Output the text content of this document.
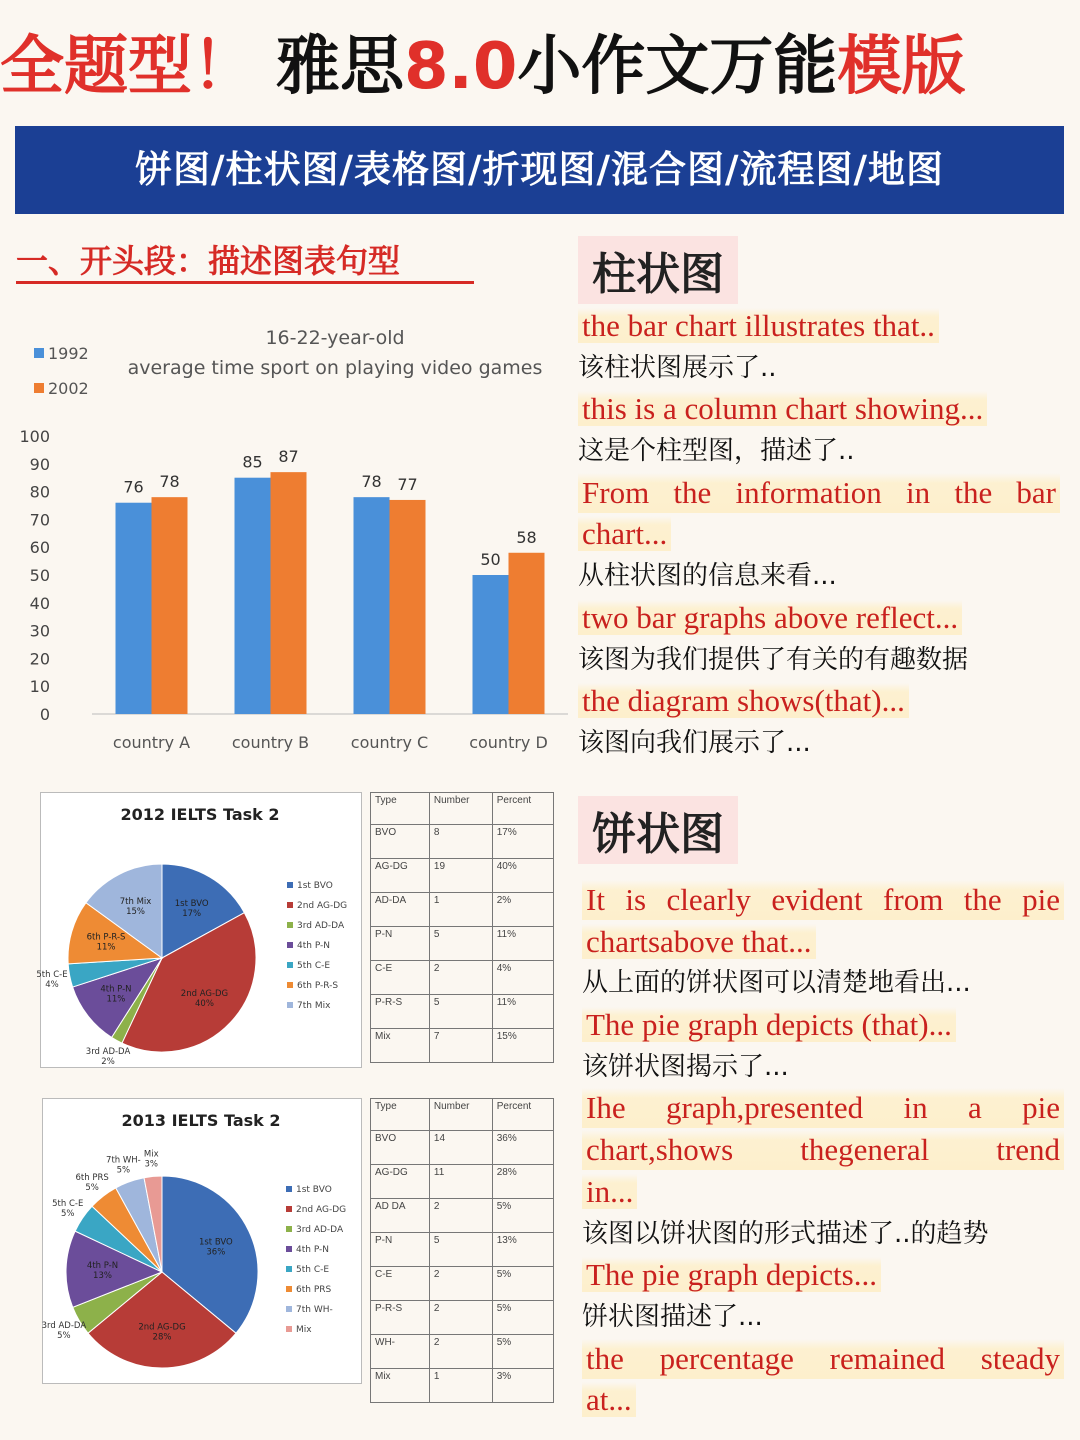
全题型！ 雅思8.0小作文万能模版
饼图/柱状图/表格图/折现图/混合图/流程图/地图
一、开头段：描述图表句型
1992
2002
16-22-year-old
average time sport on playing video games
0
10
20
30
40
50
60
70
80
90
100
76 78
country A
85 87
country B
78 77
country C
50
58
country D
2012 IELTS Task 2
1st BVO 17%
1st BVO
2nd AG-DG 40%
2nd AG-DG
3rd AD-DA 2%
3rd AD-DA
4th P-N 11%
4th P-N
5th C-E 4%
5th C-E
6th P-R-S 11%
6th P-R-S
7th Mix 15%
7th Mix
Type	Number	Percent
BVO	8	17%
AG-DG	19	40%
AD-DA	1	2%
P-N	5	11%
C-E	2	4%
P-R-S	5	11%
Mix	7	15%
2013 IELTS Task 2
1st BVO 36%
1st BVO
2nd AG-DG 28%
2nd AG-DG
3rd AD-DA 5%
3rd AD-DA
4th P-N 13%
4th P-N
5th C-E 5%
5th C-E
6th PRS 5%
6th PRS
7th WH-5%
7th WH-
Mix 3%
Mix
Type	Number	Percent
BVO	14	36%
AG-DG	11	28%
AD DA	2	5%
P-N	5	13%
C-E	2	5%
P-R-S	2	5%
WH-	2	5%
Mix	1	3%
柱状图
the bar chart illustrates that..
该柱状图展示了..
this is a column chart showing...
这是个柱型图，描述了..
From the information in the bar
chart...
从柱状图的信息来看...
two bar graphs above reflect...
该图为我们提供了有关的有趣数据
the diagram shows(that)...
该图向我们展示了...
饼状图
It is clearly evident from the pie
chartsabove that...
从上面的饼状图可以清楚地看出...
The pie graph depicts (that)...
该饼状图揭示了...
Ihe graph,presented in a pie
chart,shows thegeneral trend
in...
该图以饼状图的形式描述了..的趋势
The pie graph depicts...
饼状图描述了...
the percentage remained steady
at...
